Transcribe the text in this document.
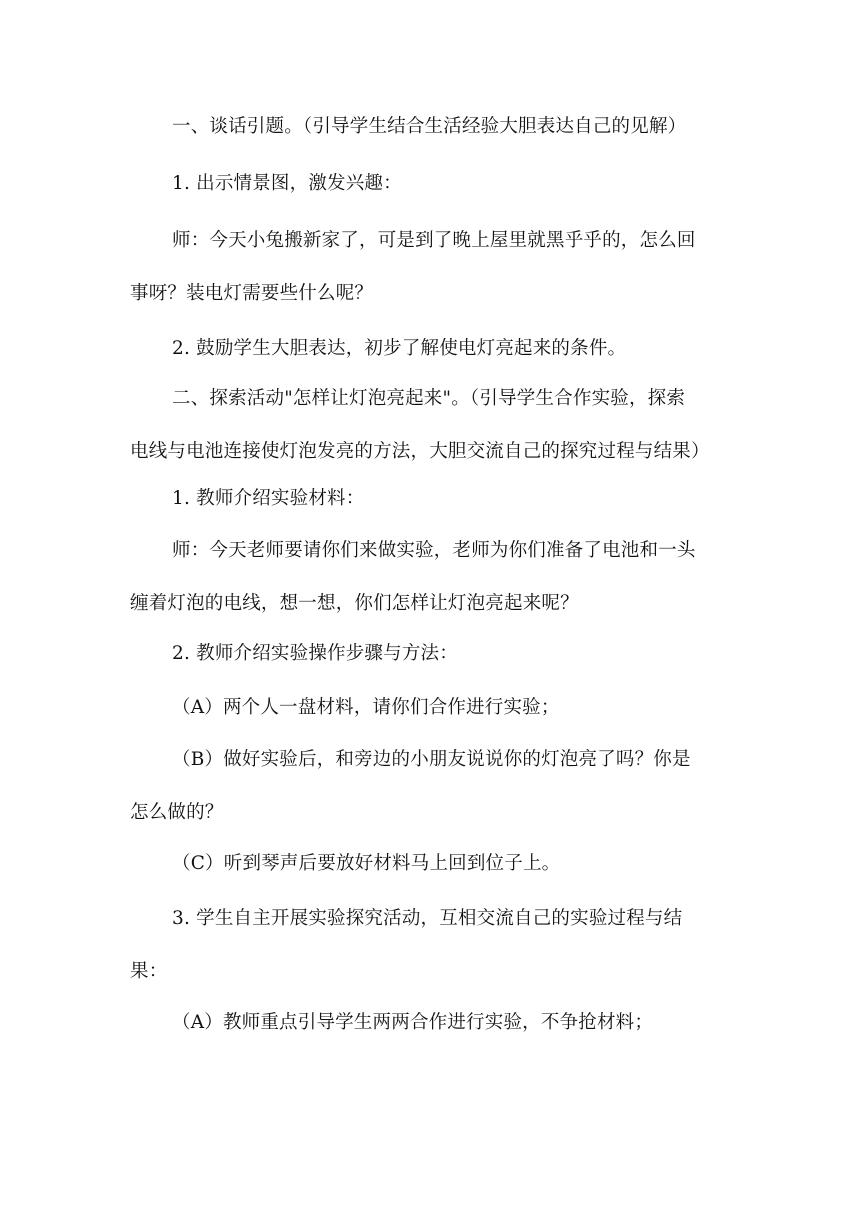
一、谈话引题。（引导学生结合生活经验大胆表达自己的见解）
1. 出示情景图，激发兴趣：
师：今天小兔搬新家了，可是到了晚上屋里就黑乎乎的，怎么回
事呀？装电灯需要些什么呢？
2. 鼓励学生大胆表达，初步了解使电灯亮起来的条件。
二、探索活动"怎样让灯泡亮起来"。（引导学生合作实验，探索
电线与电池连接使灯泡发亮的方法，大胆交流自己的探究过程与结果）
1. 教师介绍实验材料：
师：今天老师要请你们来做实验，老师为你们准备了电池和一头
缠着灯泡的电线，想一想，你们怎样让灯泡亮起来呢？
2. 教师介绍实验操作步骤与方法：
（A）两个人一盘材料，请你们合作进行实验；
（B）做好实验后，和旁边的小朋友说说你的灯泡亮了吗？你是
怎么做的？
（C）听到琴声后要放好材料马上回到位子上。
3. 学生自主开展实验探究活动，互相交流自己的实验过程与结
果：
（A）教师重点引导学生两两合作进行实验，不争抢材料；
